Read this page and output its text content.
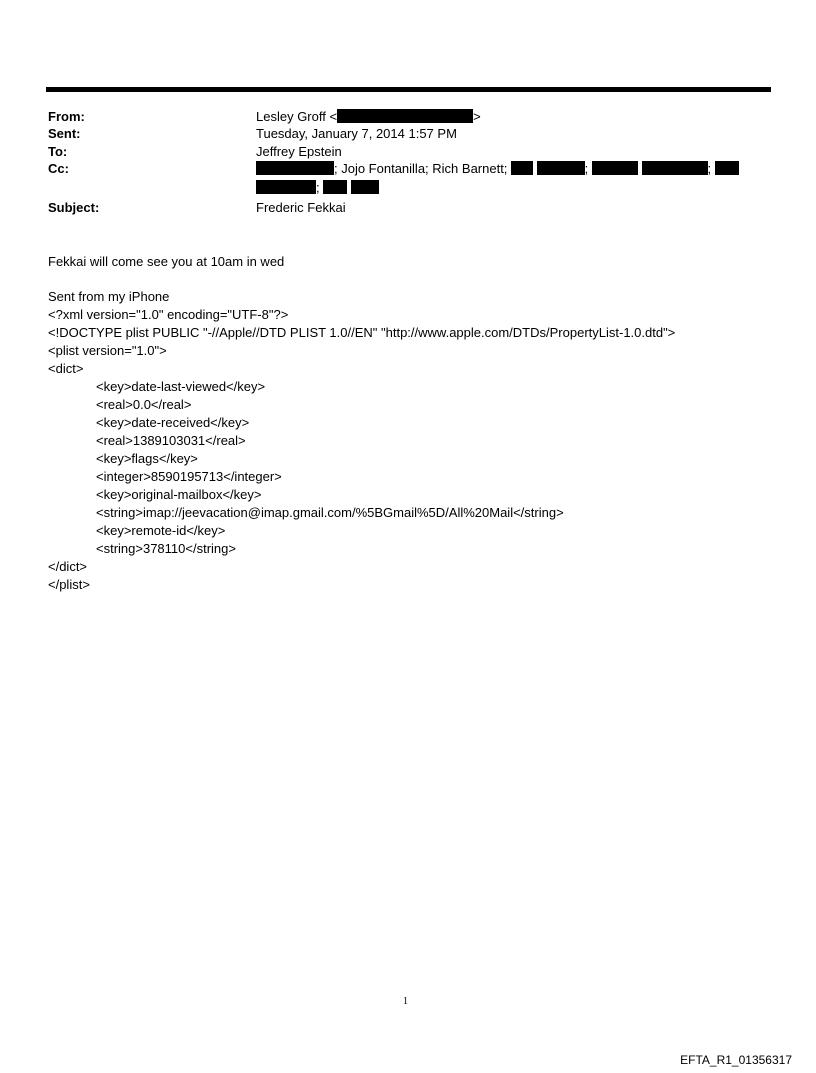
From:	Lesley Groff <	>
Sent:	Tuesday, January 7, 2014 1:57 PM
To:	Jeffrey Epstein
Cc:	; Jojo Fontanilla; Rich Barnett;	;	;
;
Subject:	Frederic Fekkai
Fekkai will come see you at 10am in wed
Sent from my iPhone
<?xml version="1.0" encoding="UTF-8"?>
<!DOCTYPE plist PUBLIC "-//Apple//DTD PLIST 1.0//EN" "http://www.apple.com/DTDs/PropertyList-1.0.dtd">
<plist version="1.0">
<dict>
<key>date-last-viewed</key>
<real>0.0</real>
<key>date-received</key>
<real>1389103031</real>
<key>flags</key>
<integer>8590195713</integer>
<key>original-mailbox</key>
<string>imap://jeevacation@imap.gmail.com/%5BGmail%5D/All%20Mail</string>
<key>remote-id</key>
<string>378110</string>
</dict>
</plist>
1
EFTA_R1_01356317
